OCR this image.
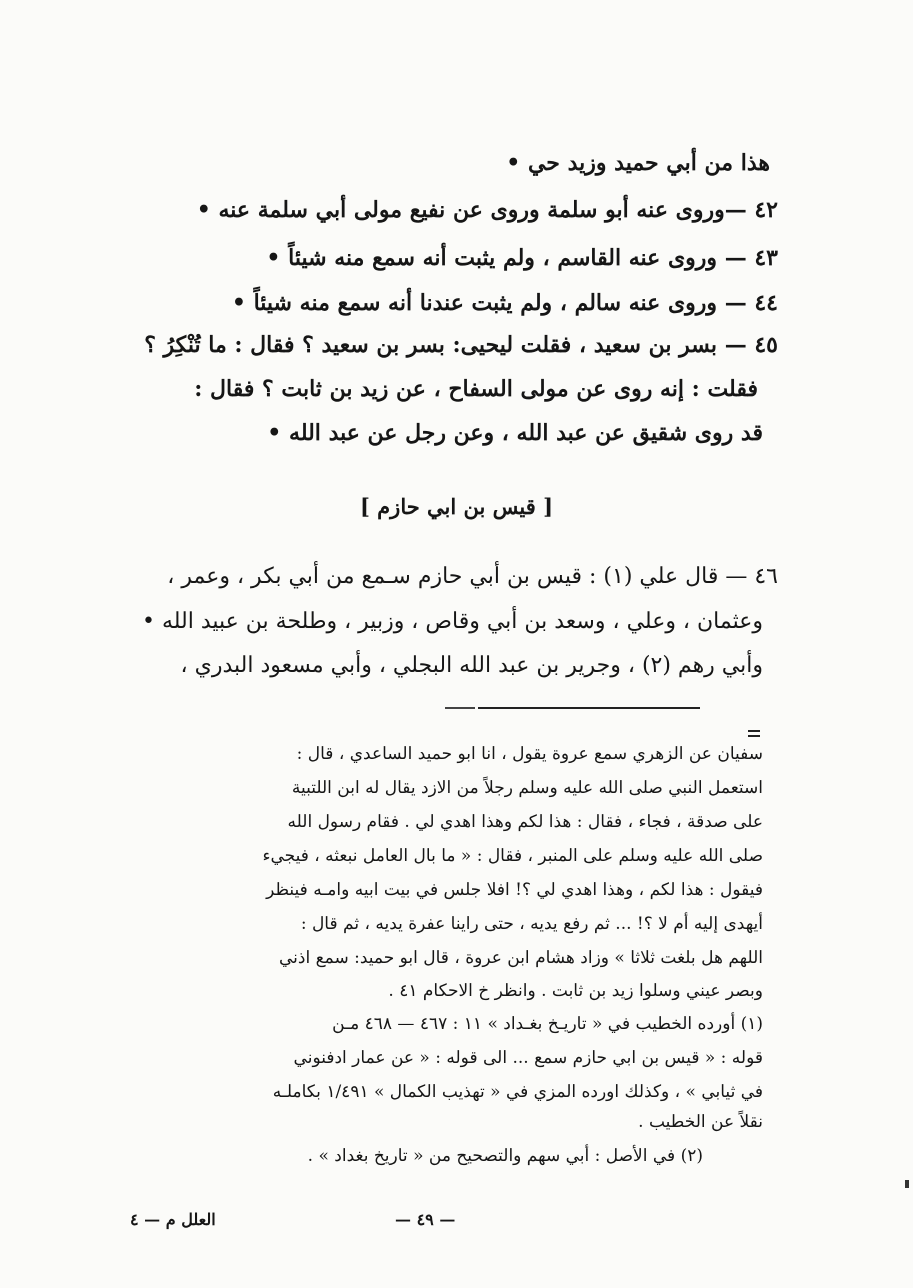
هذا من أبي حميد وزيد حي •
٤٢ —وروى عنه أبو سلمة وروى عن نفيع مولى أبي سلمة عنه •
٤٣ — وروى عنه القاسم ، ولم يثبت أنه سمع منه شيئاً •
٤٤ — وروى عنه سالم ، ولم يثبت عندنا أنه سمع منه شيئاً •
٤٥ — بسر بن سعيد ، فقلت ليحيى: بسر بن سعيد ؟ فقال : ما تُنْكِرُ ؟
فقلت : إنه روى عن مولى السفاح ، عن زيد بن ثابت ؟ فقال :
قد روى شقيق عن عبد الله ، وعن رجل عن عبد الله •
[ قيس بن ابي حازم ]
٤٦ — قال علي (١) : قيس بن أبي حازم سـمع من أبي بكر ، وعمر ،
وعثمان ، وعلي ، وسعد بن أبي وقاص ، وزبير ، وطلحة بن عبيد الله •
وأبي رهم (٢) ، وجرير بن عبد الله البجلي ، وأبي مسعود البدري ،
سفيان عن الزهري سمع عروة يقول ، انا ابو حميد الساعدي ، قال :
استعمل النبي صلى الله عليه وسلم رجلاً من الازد يقال له ابن اللتبية
على صدقة ، فجاء ، فقال : هذا لكم وهذا اهدي لي . فقام رسول الله
صلى الله عليه وسلم على المنبر ، فقال : « ما بال العامل نبعثه ، فيجيء
فيقول : هذا لكم ، وهذا اهدي لي ؟! افلا جلس في بيت ابيه وامـه فينظر
أيهدى إليه أم لا ؟! ... ثم رفع يديه ، حتى راينا عفرة يديه ، ثم قال :
اللهم هل بلغت ثلاثا » وزاد هشام ابن عروة ، قال ابو حميد: سمع اذني
وبصر عيني وسلوا زيد بن ثابت . وانظر خ الاحكام ٤١ .
(١) أورده الخطيب في « تاريـخ بغـداد » ١١ : ٤٦٧ — ٤٦٨ مـن
قوله : « قيس بن ابي حازم سمع ... الى قوله : « عن عمار ادفنوني
في ثيابي » ، وكذلك اورده المزي في « تهذيب الكمال » ١/٤٩١ بكاملـه
نقلاً عن الخطيب .
(٢) في الأصل : أبي سهم والتصحيح من « تاريخ بغداد » .
— ٤٩ —
العلل م — ٤
